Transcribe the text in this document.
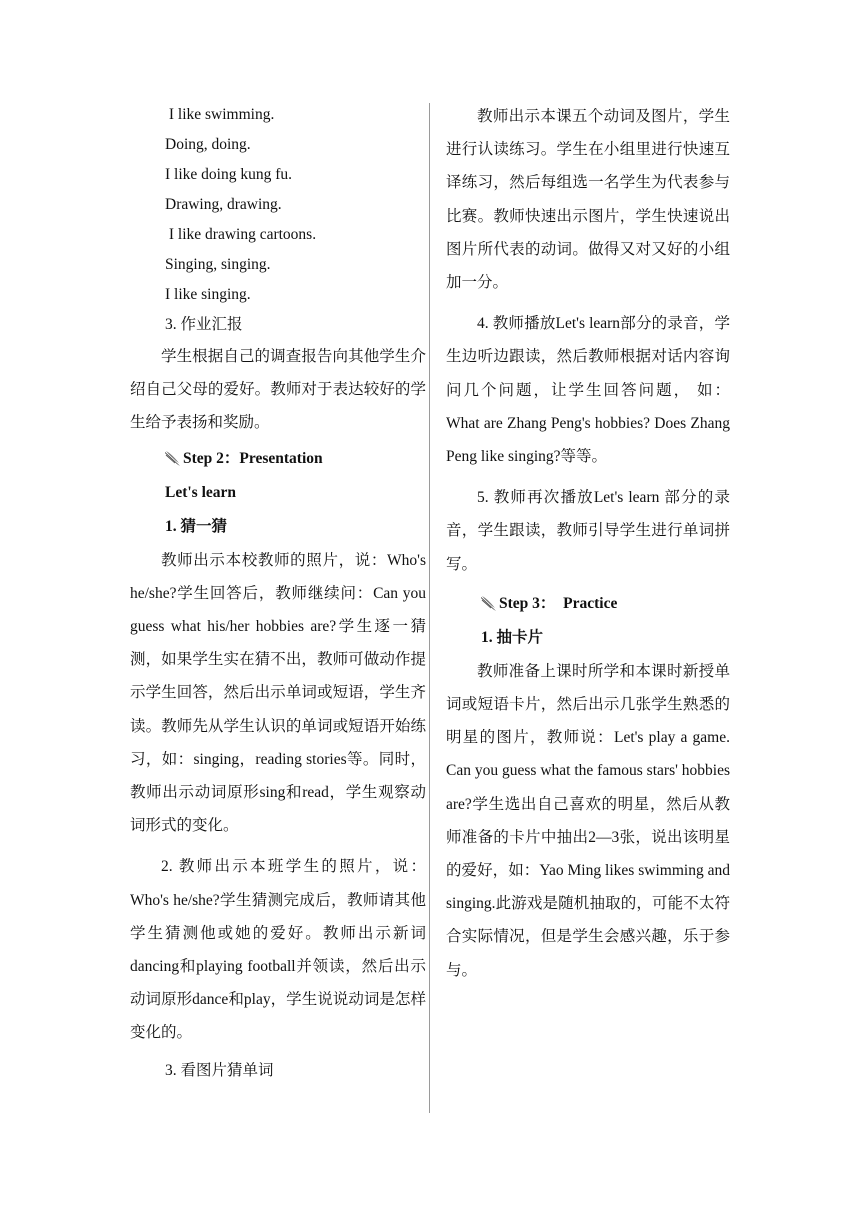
I like swimming.
Doing, doing.
I like doing kung fu.
Drawing, drawing.
I like drawing cartoons.
Singing, singing.
I like singing.
3. 作业汇报

学生根据自己的调查报告向其他学生介绍自己父母的爱好。教师对于表达较好的学生给予表扬和奖励。

Step 2：Presentation
Let's learn
1. 猜一猜

教师出示本校教师的照片，说：Who's he/she?学生回答后，教师继续问：Can you guess what his/her hobbies are?学生逐一猜测，如果学生实在猜不出，教师可做动作提示学生回答，然后出示单词或短语，学生齐读。教师先从学生认识的单词或短语开始练习，如：singing，reading stories等。同时，教师出示动词原形sing和read，学生观察动词形式的变化。

2. 教师出示本班学生的照片，说：Who's he/she?学生猜测完成后，教师请其他学生猜测他或她的爱好。教师出示新词dancing和playing football并领读，然后出示动词原形dance和play，学生说说动词是怎样变化的。

3. 看图片猜单词

教师出示本课五个动词及图片，学生进行认读练习。学生在小组里进行快速互译练习，然后每组选一名学生为代表参与比赛。教师快速出示图片，学生快速说出图片所代表的动词。做得又对又好的小组加一分。

4. 教师播放Let's learn部分的录音，学生边听边跟读，然后教师根据对话内容询问几个问题，让学生回答问题， 如：What are Zhang Peng's hobbies? Does Zhang Peng like singing?等等。

5. 教师再次播放Let's learn 部分的录音，学生跟读，教师引导学生进行单词拼写。

Step 3：  Practice
1. 抽卡片

教师准备上课时所学和本课时新授单词或短语卡片，然后出示几张学生熟悉的明星的图片，教师说：Let's play a game. Can you guess what the famous stars' hobbies are?学生选出自己喜欢的明星，然后从教师准备的卡片中抽出2—3张，说出该明星的爱好，如：Yao Ming likes swimming and singing.此游戏是随机抽取的，可能不太符合实际情况，但是学生会感兴趣，乐于参与。
